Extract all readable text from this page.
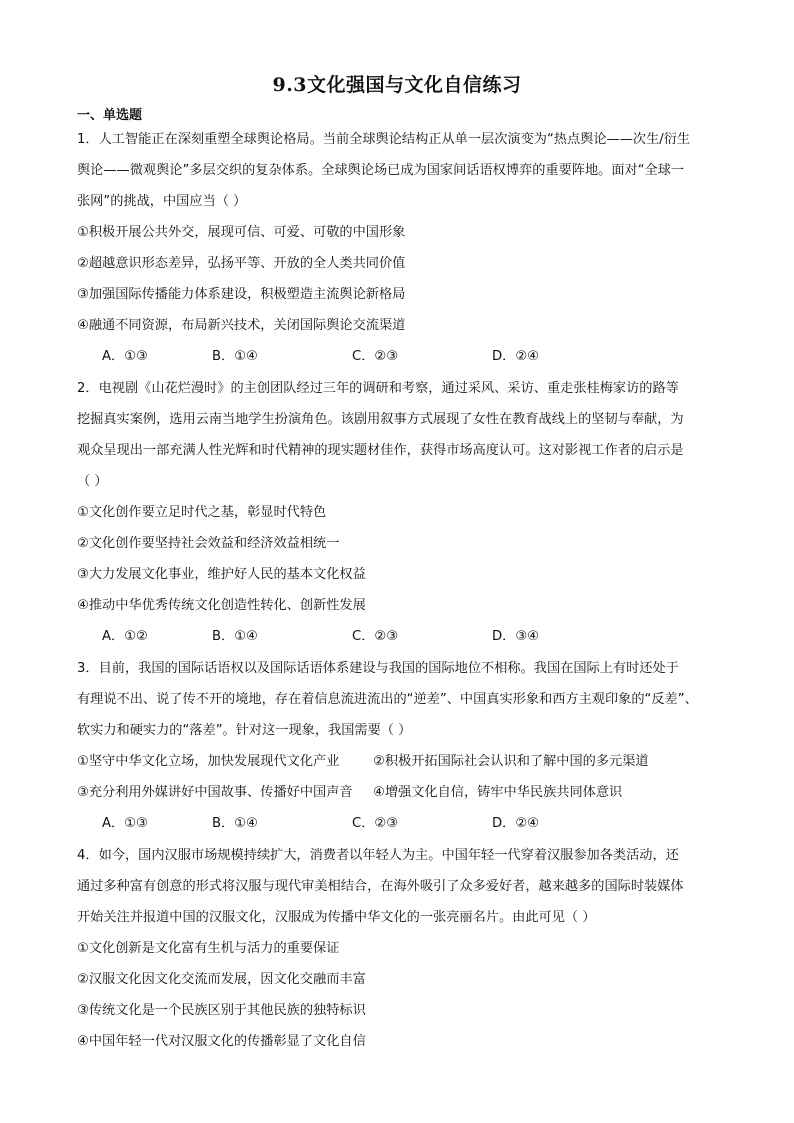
9.3文化强国与文化自信练习
一、单选题
1．人工智能正在深刻重塑全球舆论格局。当前全球舆论结构正从单一层次演变为“热点舆论——次生/衍生
舆论——微观舆论”多层交织的复杂体系。全球舆论场已成为国家间话语权博弈的重要阵地。面对“全球一
张网”的挑战，中国应当（ ）
①积极开展公共外交，展现可信、可爱、可敬的中国形象
②超越意识形态差异，弘扬平等、开放的全人类共同价值
③加强国际传播能力体系建设，积极塑造主流舆论新格局
④融通不同资源，布局新兴技术，关闭国际舆论交流渠道
A．①③	B．①④	C．②③	D．②④
2．电视剧《山花烂漫时》的主创团队经过三年的调研和考察，通过采风、采访、重走张桂梅家访的路等
挖掘真实案例，选用云南当地学生扮演角色。该剧用叙事方式展现了女性在教育战线上的坚韧与奉献，为
观众呈现出一部充满人性光辉和时代精神的现实题材佳作，获得市场高度认可。这对影视工作者的启示是
（ ）
①文化创作要立足时代之基，彰显时代特色
②文化创作要坚持社会效益和经济效益相统一
③大力发展文化事业，维护好人民的基本文化权益
④推动中华优秀传统文化创造性转化、创新性发展
A．①②	B．①④	C．②③	D．③④
3．目前，我国的国际话语权以及国际话语体系建设与我国的国际地位不相称。我国在国际上有时还处于
有理说不出、说了传不开的境地，存在着信息流进流出的“逆差”、中国真实形象和西方主观印象的“反差”、
软实力和硬实力的“落差”。针对这一现象，我国需要（ ）
①坚守中华文化立场，加快发展现代文化产业	②积极开拓国际社会认识和了解中国的多元渠道
③充分利用外媒讲好中国故事、传播好中国声音 ④增强文化自信，铸牢中华民族共同体意识
A．①③	B．①④	C．②③	D．②④
4．如今，国内汉服市场规模持续扩大，消费者以年轻人为主。中国年轻一代穿着汉服参加各类活动，还
通过多种富有创意的形式将汉服与现代审美相结合，在海外吸引了众多爱好者，越来越多的国际时装媒体
开始关注并报道中国的汉服文化，汉服成为传播中华文化的一张亮丽名片。由此可见（ ）
①文化创新是文化富有生机与活力的重要保证
②汉服文化因文化交流而发展，因文化交融而丰富
③传统文化是一个民族区别于其他民族的独特标识
④中国年轻一代对汉服文化的传播彰显了文化自信
